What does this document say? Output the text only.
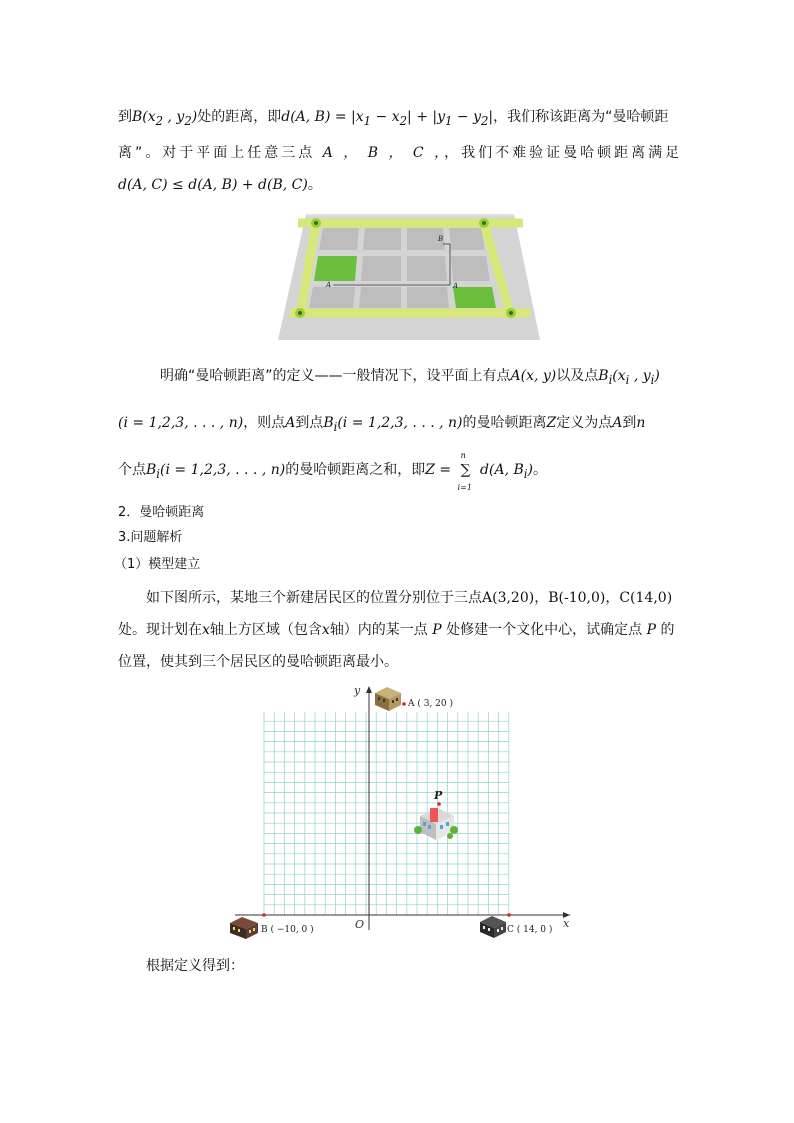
到$B(x_2$ , $y_2$)处的距离，即d(A, $B) = |x_1 - x_2| + |y_1 - y_2|$，我们称该距离为“曼哈顿距
离”。对于平面上任意三点 A ， B ， C ，，我们不难验证曼哈顿距离满足
d(A, C) ≤ d(A, B) + d(B, C)。
B
A	A
明确“曼哈顿距离”的定义——一般情况下，设平面上有点A(x, y)以及点$B_i(x_i$ , $y_i$)
(i = 1,2,3, . . . , n)，则点A到点$B_i(i = 1,2,3$, . . . , n)的曼哈顿距离Z定义为点A到n
个点$B_i(i = 1,2,3$, . . . , n)的曼哈顿距离之和，即Z = ∑
n
i=1
d(A, $B_i$)。
2．曼哈顿距离
3.问题解析
（1）模型建立
如下图所示，某地三个新建居民区的位置分别位于三点A(3,20)，B(-10,0)，C(14,0)
处。现计划在x轴上方区域（包含x轴）内的某一点 P 处修建一个文化中心，试确定点 P 的
位置，使其到三个居民区的曼哈顿距离最小。
y
x
O
A ( 3, 20 )
P
B ( −10, 0 )	C ( 14, 0 )
根据定义得到：
